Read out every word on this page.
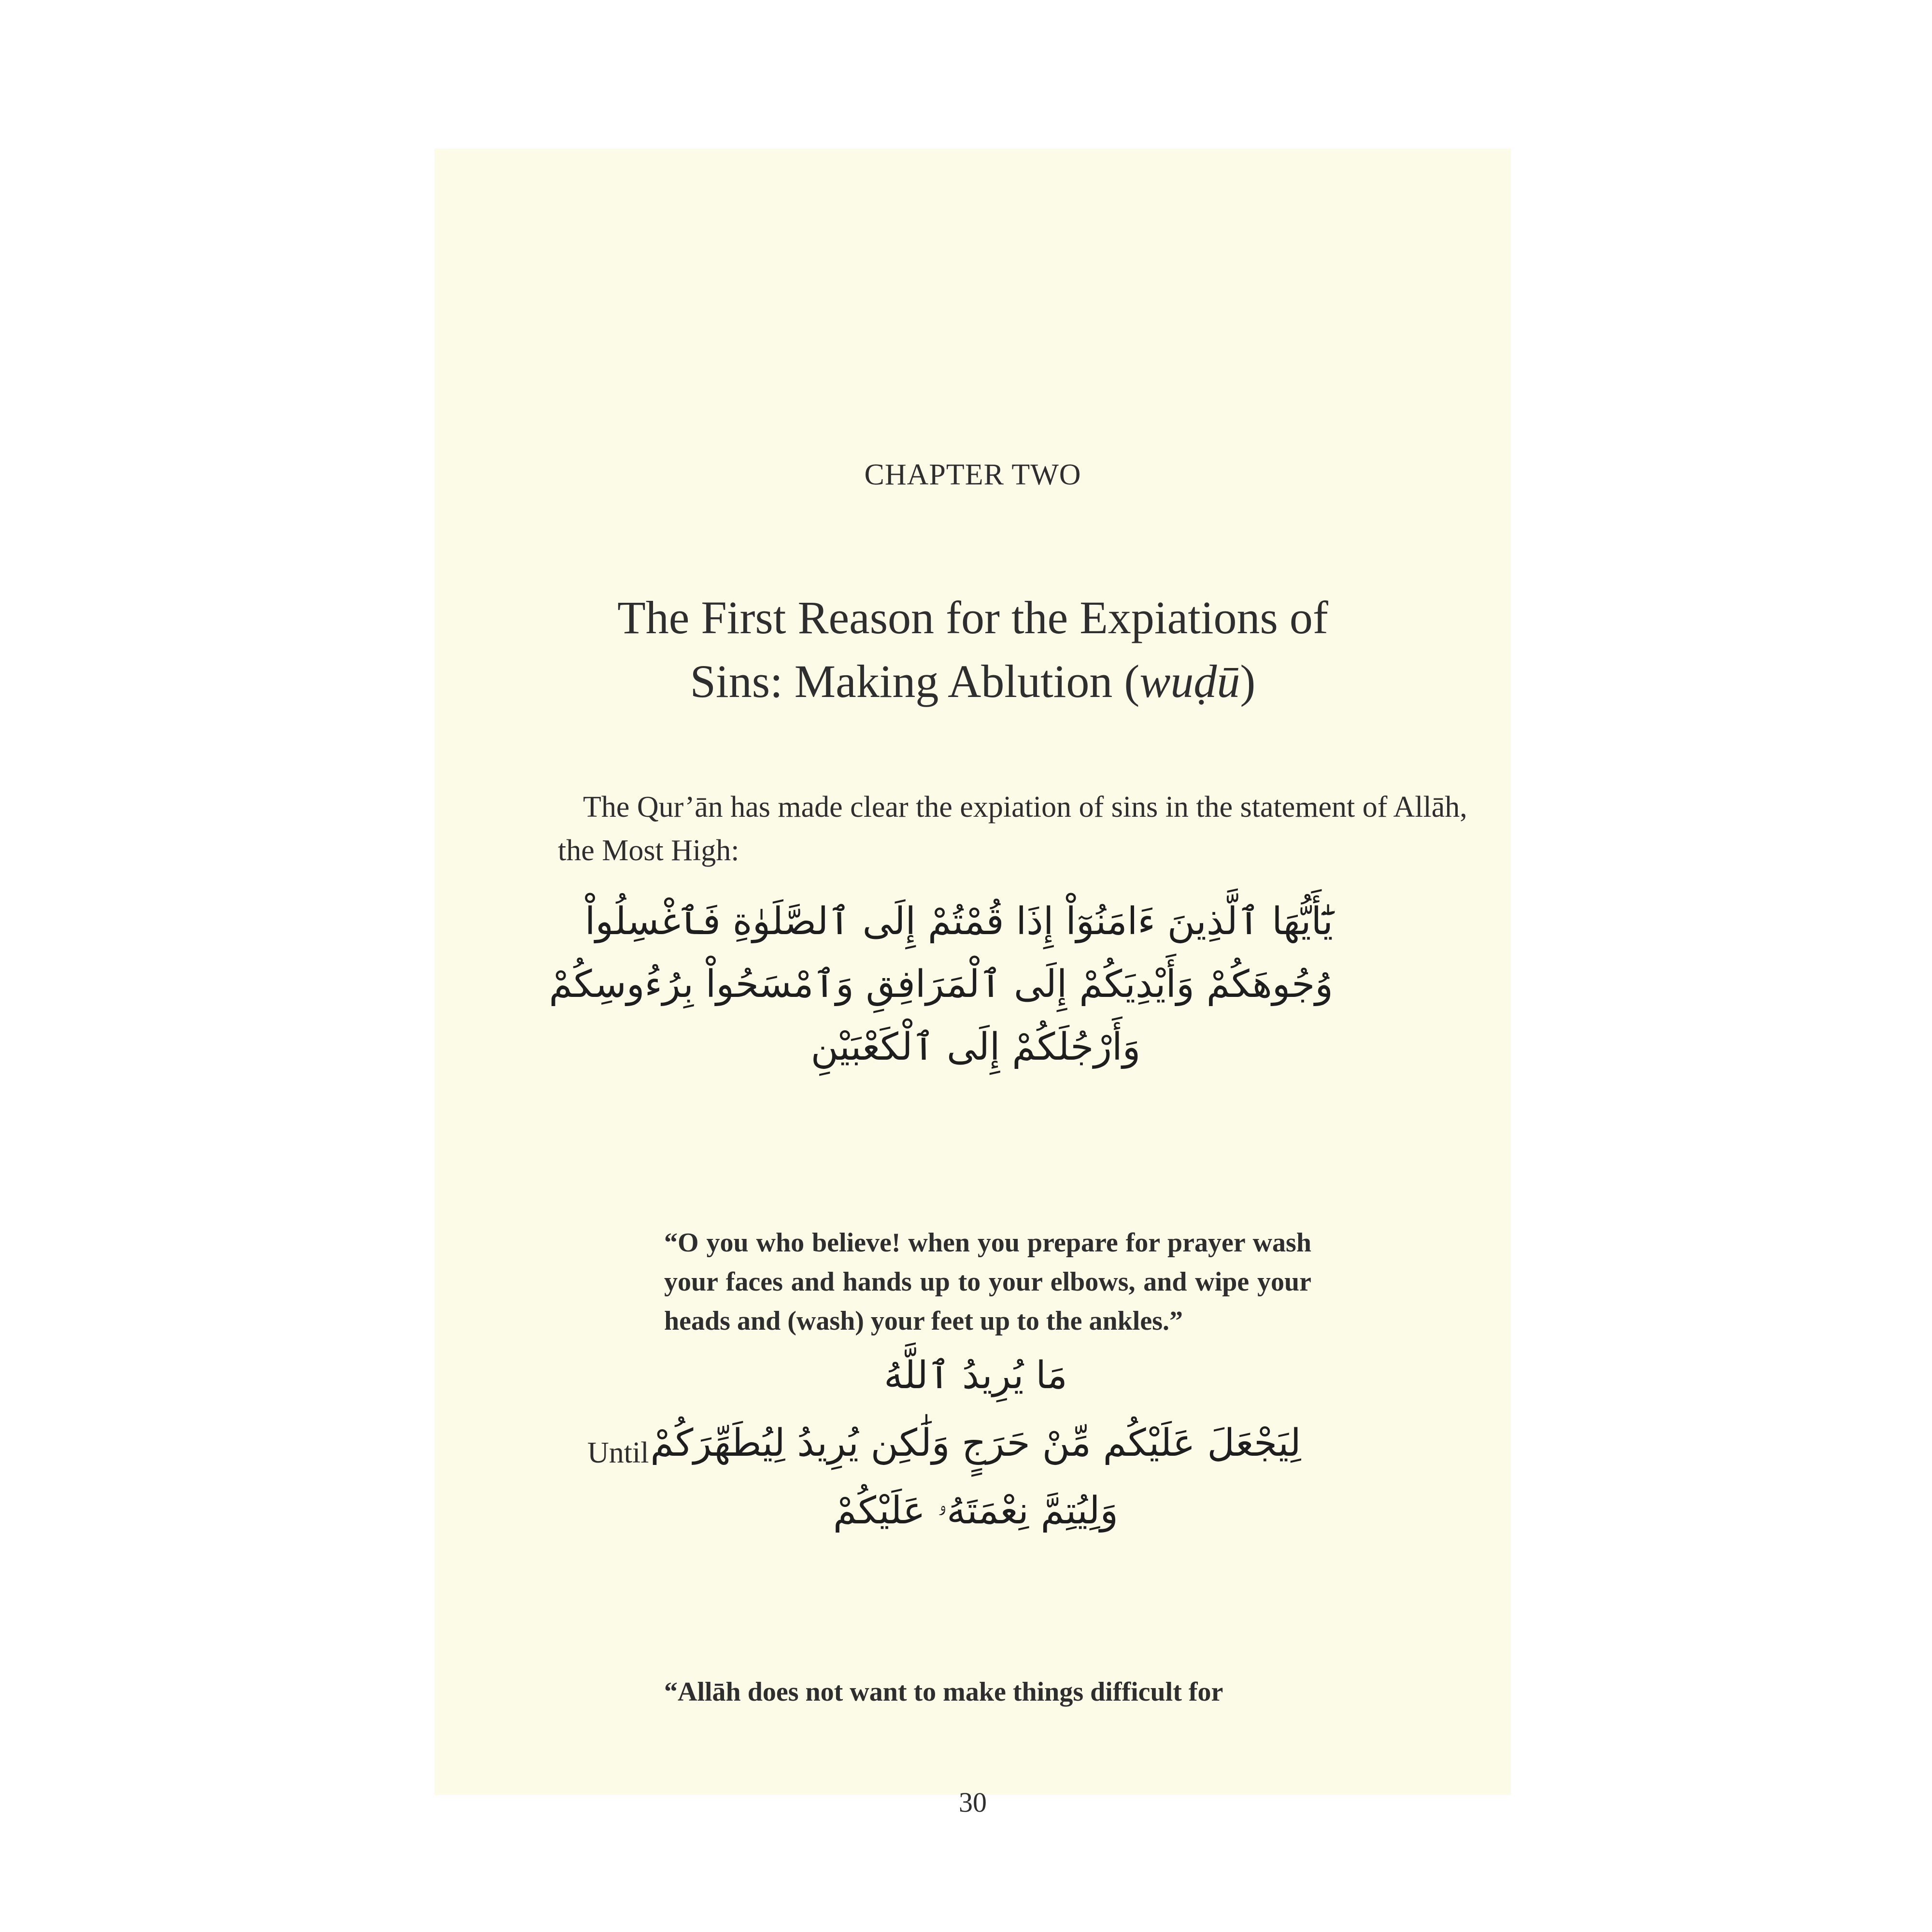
CHAPTER TWO
The First Reason for the Expiations of
Sins: Making Ablution (wuḍū)
The Qur’ān has made clear the expiation of sins in the statement of Allāh, the Most High:
يَٰٓأَيُّهَا ٱلَّذِينَ ءَامَنُوٓاْ إِذَا قُمْتُمْ إِلَى ٱلصَّلَوٰةِ فَٱغْسِلُواْ
وُجُوهَكُمْ وَأَيْدِيَكُمْ إِلَى ٱلْمَرَافِقِ وَٱمْسَحُواْ بِرُءُوسِكُمْ
وَأَرْجُلَكُمْ إِلَى ٱلْكَعْبَيْنِ
“O you who believe! when you prepare for prayer wash your faces and hands up to your elbows, and wipe your heads and (wash) your feet up to the ankles.”
Until
مَا يُرِيدُ ٱللَّهُ
لِيَجْعَلَ عَلَيْكُم مِّنْ حَرَجٍ وَلَٰكِن يُرِيدُ لِيُطَهِّرَكُمْ
وَلِيُتِمَّ نِعْمَتَهُۥ عَلَيْكُمْ
“Allāh does not want to make things difficult for
30
